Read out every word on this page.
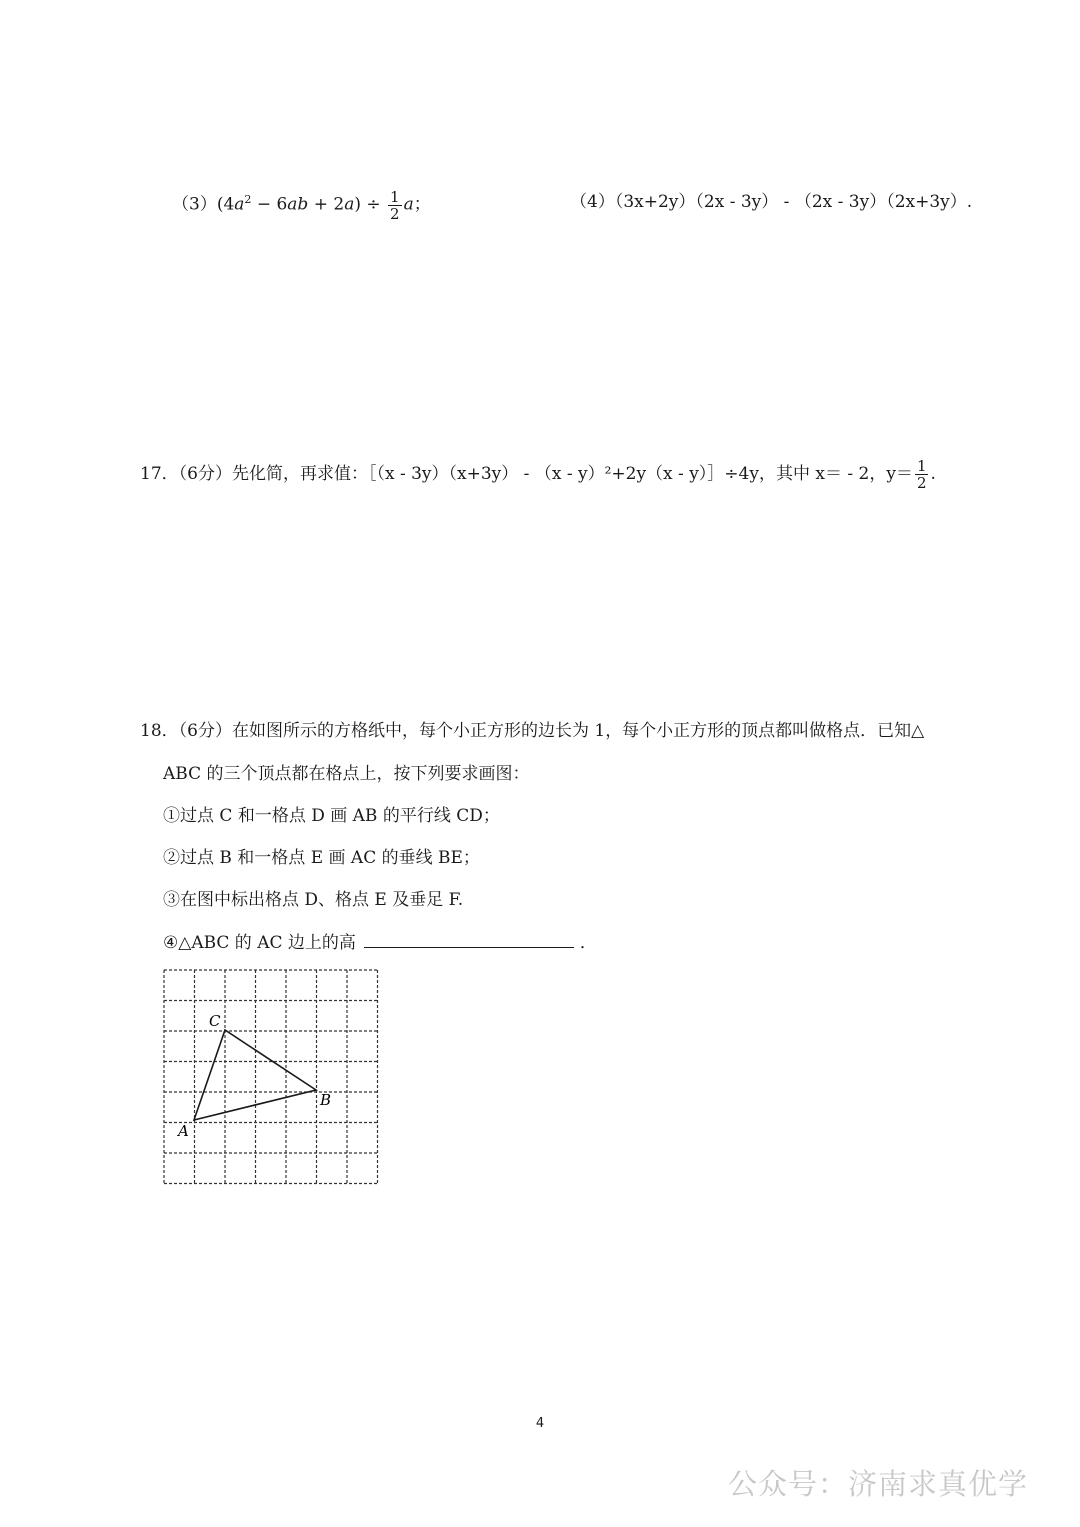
$(3)(4a^2 - 6ab + 2a) \div \frac{1}{2}$ a；	（4）（3x+2y）（2x - 3y） - （2x - 3y）（2x+3y）.
17．（6分）先化简，再求值：［（x - 3y）（x+3y） - （x - y）²+2y（x - y）］÷4y，其中 x＝ - 2，$y= \frac{1}{2}$ .
18．（6分）在如图所示的方格纸中，每个小正方形的边长为 1，每个小正方形的顶点都叫做格点．已知△
ABC 的三个顶点都在格点上，按下列要求画图：
①过点 C 和一格点 D 画 AB 的平行线 CD；
②过点 B 和一格点 E 画 AC 的垂线 BE；
③在图中标出格点 D、格点 E 及垂足 F.
④△ABC 的 AC 边上的高	．
A
B
C
4
公众号：济南求真优学
